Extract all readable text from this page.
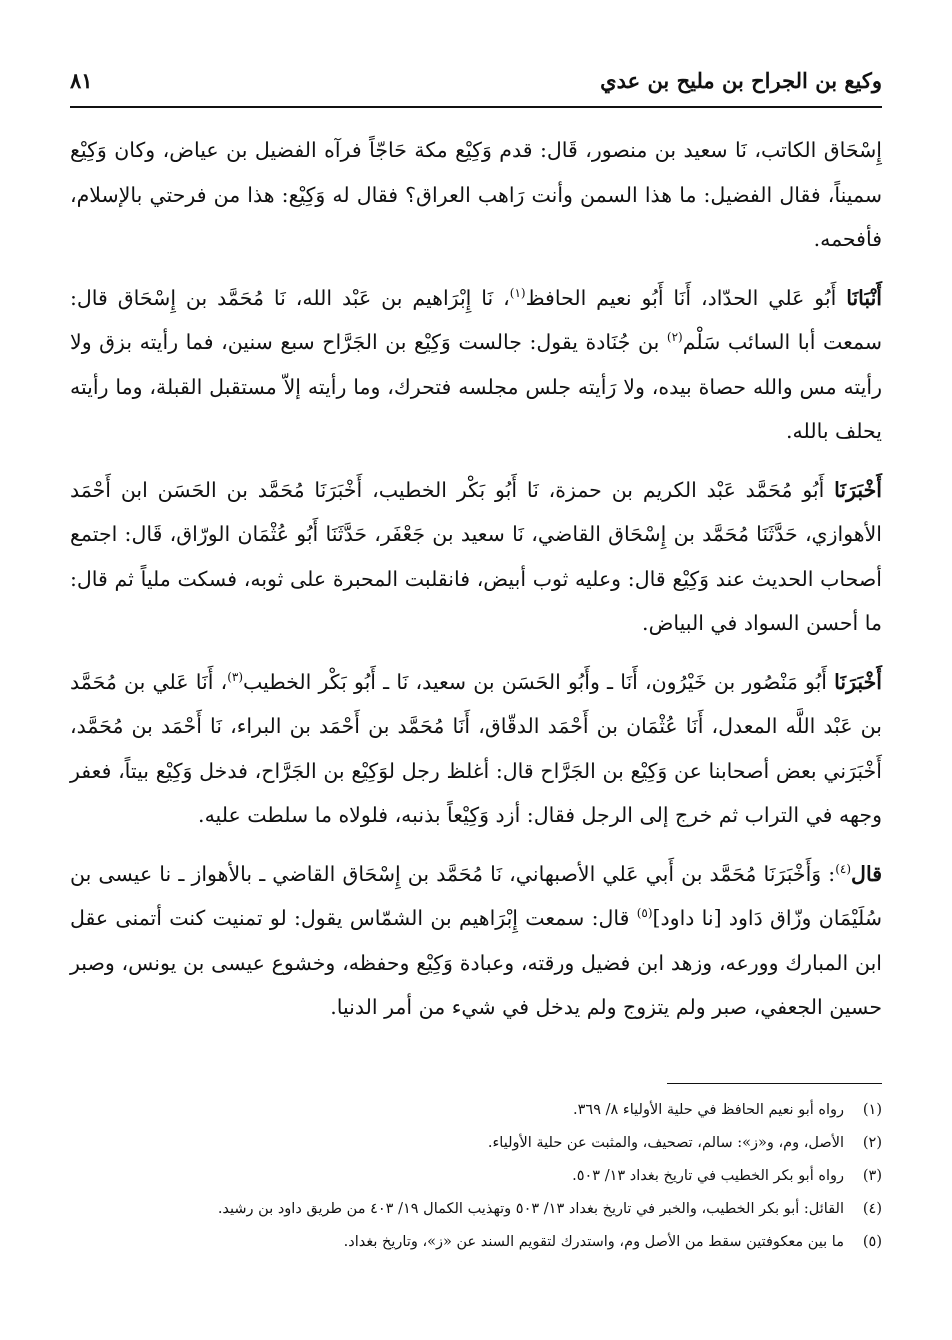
وكيع بن الجراح بن مليح بن عدي
٨١

إِسْحَاق الكاتب، نَا سعيد بن منصور، قَال: قدم وَكِيْع مكة حَاجّاً فرآه الفضيل بن عياض، وكان وَكِيْع سميناً، فقال الفضيل: ما هذا السمن وأنت رَاهب العراق؟ فقال له وَكِيْع: هذا من فرحتي بالإسلام، فأفحمه.

أَنْبَانَا أَبُو عَلي الحدّاد، أَنَا أَبُو نعيم الحافظ$^{(١)}$، نَا إِبْرَاهيم بن عَبْد الله، نَا مُحَمَّد بن إِسْحَاق قال: سمعت أبا السائب سَلْم$^{(٢)}$ بن جُنَادة يقول: جالست وَكِيْع بن الجَرَّاح سبع سنين، فما رأيته بزق ولا رأيته مس والله حصاة بيده، ولا رَأيته جلس مجلسه فتحرك، وما رأيته إلاّ مستقبل القبلة، وما رأيته يحلف بالله.

أَخْبَرَنَا أَبُو مُحَمَّد عَبْد الكريم بن حمزة، نَا أَبُو بَكْر الخطيب، أَخْبَرَنَا مُحَمَّد بن الحَسَن ابن أَحْمَد الأهوازي، حَدَّثَنَا مُحَمَّد بن إِسْحَاق القاضي، نَا سعيد بن جَعْفَر، حَدَّثَنَا أَبُو عُثْمَان الورّاق، قَال: اجتمع أصحاب الحديث عند وَكِيْع قال: وعليه ثوب أبيض، فانقلبت المحبرة على ثوبه، فسكت ملياً ثم قال: ما أحسن السواد في البياض.

أَخْبَرَنَا أَبُو مَنْصُور بن خَيْرُون، أَنَا ـ وأَبُو الحَسَن بن سعيد، نَا ـ أَبُو بَكْر الخطيب$^{(٣)}$، أَنَا عَلي بن مُحَمَّد بن عَبْد اللَّه المعدل، أَنَا عُثْمَان بن أَحْمَد الدقّاق، أَنَا مُحَمَّد بن أَحْمَد بن البراء، نَا أَحْمَد بن مُحَمَّد، أَخْبَرَني بعض أصحابنا عن وَكِيْع بن الجَرَّاح قال: أغلظ رجل لوَكِيْع بن الجَرَّاح، فدخل وَكِيْع بيتاً، فعفر وجهه في التراب ثم خرج إلى الرجل فقال: أزد وَكِيْعاً بذنبه، فلولاه ما سلطت عليه.

قال$^{(٤)}$: وَأَخْبَرَنَا مُحَمَّد بن أَبي عَلي الأصبهاني، نَا مُحَمَّد بن إِسْحَاق القاضي ـ بالأهواز ـ نا عيسى بن سُلَيْمَان وزّاق دَاود [نا داود]$^{(٥)}$ قال: سمعت إِبْرَاهيم بن الشمّاس يقول: لو تمنيت كنت أتمنى عقل ابن المبارك وورعه، وزهد ابن فضيل ورقته، وعبادة وَكِيْع وحفظه، وخشوع عيسى بن يونس، وصبر حسين الجعفي، صبر ولم يتزوج ولم يدخل في شيء من أمر الدنيا.

(١)
رواه أبو نعيم الحافظ في حلية الأولياء ٨/ ٣٦٩.
(٢)
الأصل، وم، و«ز»: سالم، تصحيف، والمثبت عن حلية الأولياء.
(٣)
رواه أبو بكر الخطيب في تاريخ بغداد ١٣/ ٥٠٣.
(٤)
القائل: أبو بكر الخطيب، والخبر في تاريخ بغداد ١٣/ ٥٠٣ وتهذيب الكمال ١٩/ ٤٠٣ من طريق داود بن رشيد.
(٥)
ما بين معكوفتين سقط من الأصل وم، واستدرك لتقويم السند عن «ز»، وتاريخ بغداد.
